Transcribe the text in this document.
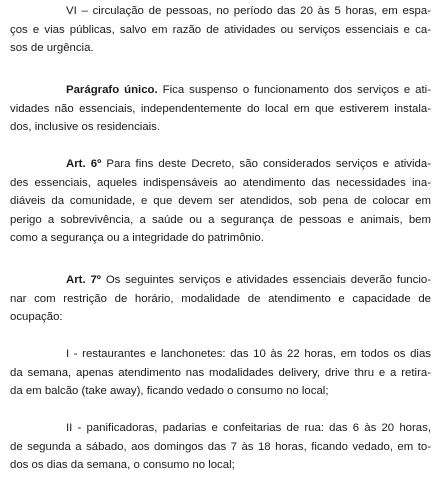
VI – circulação de pessoas, no período das 20 às 5 horas, em espa-
ços e vias públicas, salvo em razão de atividades ou serviços essenciais e ca-
sos de urgência.

Parágrafo único. Fica suspenso o funcionamento dos serviços e ati-
vidades não essenciais, independentemente do local em que estiverem instala-
dos, inclusive os residenciais.

Art. 6º Para fins deste Decreto, são considerados serviços e ativida-
des essenciais, aqueles indispensáveis ao atendimento das necessidades ina-
diáveis da comunidade, e que devem ser atendidos, sob pena de colocar em
perigo a sobrevivência, a saúde ou a segurança de pessoas e animais, bem
como a segurança ou a integridade do patrimônio.

Art. 7º Os seguintes serviços e atividades essenciais deverão funcio-
nar com restrição de horário, modalidade de atendimento e capacidade de
ocupação:

I - restaurantes e lanchonetes: das 10 às 22 horas, em todos os dias
da semana, apenas atendimento nas modalidades delivery, drive thru e a retira-
da em balcão (take away), ficando vedado o consumo no local;

II - panificadoras, padarias e confeitarias de rua: das 6 às 20 horas,
de segunda a sábado, aos domingos das 7 às 18 horas, ficando vedado, em to-
dos os dias da semana, o consumo no local;
